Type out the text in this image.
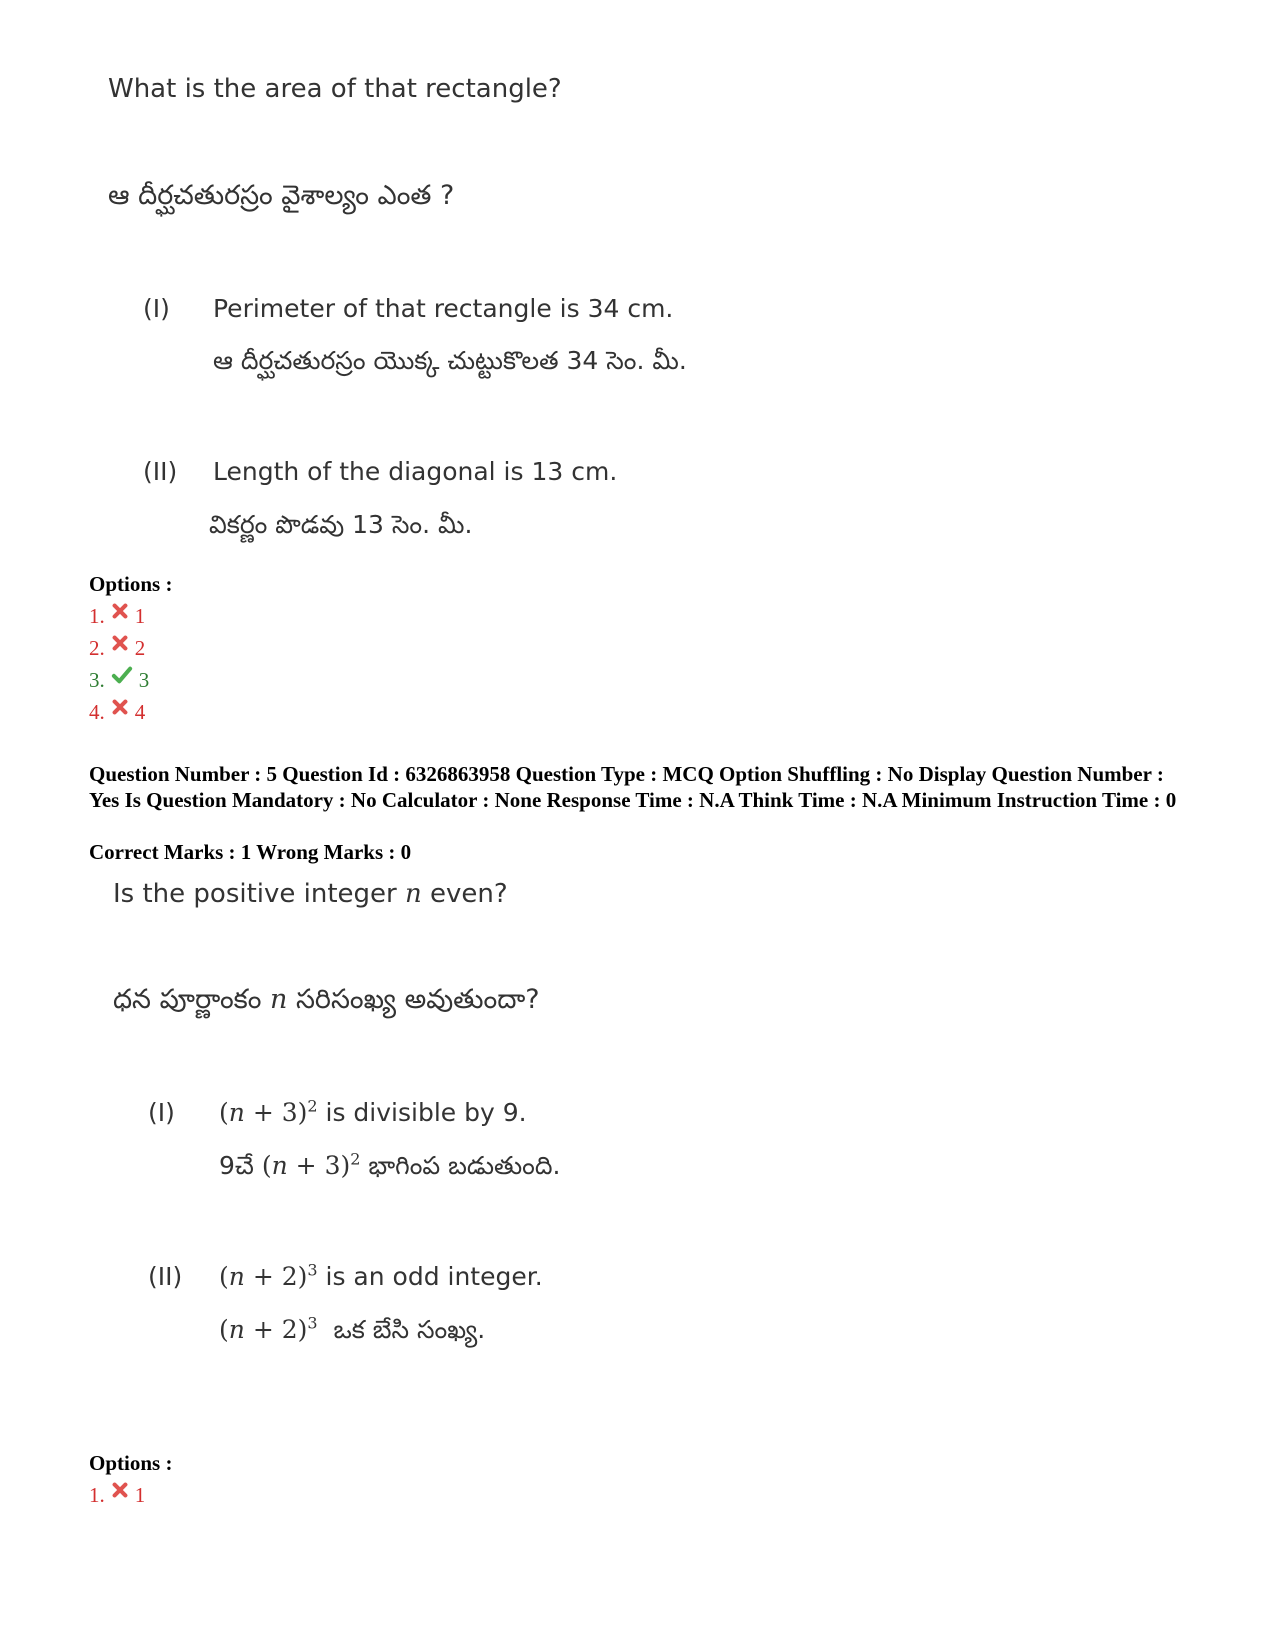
What is the area of that rectangle?
ఆ దీర్ఘచతురస్రం వైశాల్యం ఎంత ?
(I) Perimeter of that rectangle is 34 cm.
ఆ దీర్ఘచతురస్రం యొక్క చుట్టుకొలత 34 సెం. మీ.
(II) Length of the diagonal is 13 cm.
వికర్ణం పొడవు 13 సెం. మీ.
Options :
1. 1
2. 2
3. 3
4. 4
Question Number : 5 Question Id : 6326863958 Question Type : MCQ Option Shuffling : No Display Question Number : Yes Is Question Mandatory : No Calculator : None Response Time : N.A Think Time : N.A Minimum Instruction Time : 0
Correct Marks : 1 Wrong Marks : 0
Is the positive integer n even?
ధన పూర్ణాంకం n సరిసంఖ్య అవుతుందా?
(I) $(n + 3)^2$ is divisible by 9.
9చే $(n + 3)^2$ భాగింప బడుతుంది.
(II) $(n + 2)^3$ is an odd integer.
$(n + 2)^3$  ఒక బేసి సంఖ్య.
Options :
1. 1
